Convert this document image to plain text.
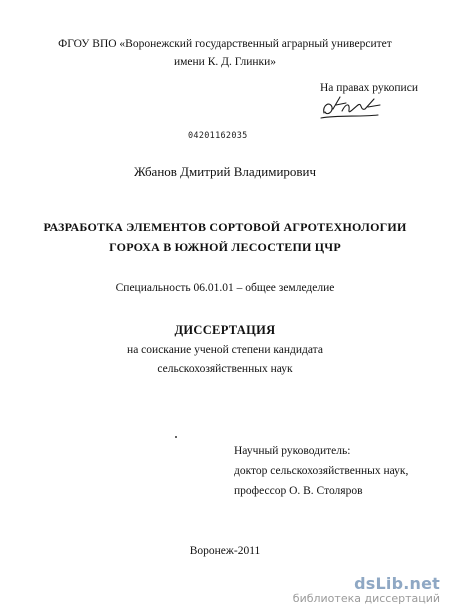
ФГОУ ВПО «Воронежский государственный аграрный университет
имени К. Д. Глинки»
На правах рукописи
04201162035
Жбанов Дмитрий Владимирович
РАЗРАБОТКА ЭЛЕМЕНТОВ СОРТОВОЙ АГРОТЕХНОЛОГИИ
ГОРОХА В ЮЖНОЙ ЛЕСОСТЕПИ ЦЧР
Специальность 06.01.01 – общее земледелие
ДИССЕРТАЦИЯ
на соискание ученой степени кандидата
сельскохозяйственных наук
Научный руководитель:
доктор сельскохозяйственных наук,
профессор О. В. Столяров
Воронеж-2011
dsLib.net
библиотека диссертаций
